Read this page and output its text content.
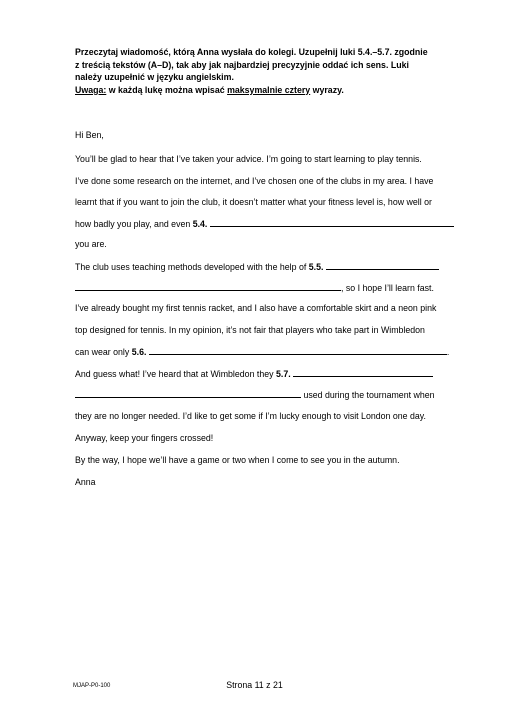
Przeczytaj wiadomość, którą Anna wysłała do kolegi. Uzupełnij luki 5.4.–5.7. zgodnie
z treścią tekstów (A–D), tak aby jak najbardziej precyzyjnie oddać ich sens. Luki
należy uzupełnić w języku angielskim.
Uwaga: w każdą lukę można wpisać maksymalnie cztery wyrazy.
Hi Ben,
You’ll be glad to hear that I’ve taken your advice. I’m going to start learning to play tennis.
I’ve done some research on the internet, and I’ve chosen one of the clubs in my area. I have
learnt that if you want to join the club, it doesn’t matter what your fitness level is, how well or
how badly you play, and even 5.4.
you are.
The club uses teaching methods developed with the help of 5.5.
, so I hope I’ll learn fast.
I’ve already bought my first tennis racket, and I also have a comfortable skirt and a neon pink
top designed for tennis. In my opinion, it’s not fair that players who take part in Wimbledon
can wear only 5.6.	.
And guess what! I’ve heard that at Wimbledon they 5.7.
used during the tournament when
they are no longer needed. I’d like to get some if I’m lucky enough to visit London one day.
Anyway, keep your fingers crossed!
By the way, I hope we’ll have a game or two when I come to see you in the autumn.
Anna
MJAP-P0-100	Strona 11 z 21
